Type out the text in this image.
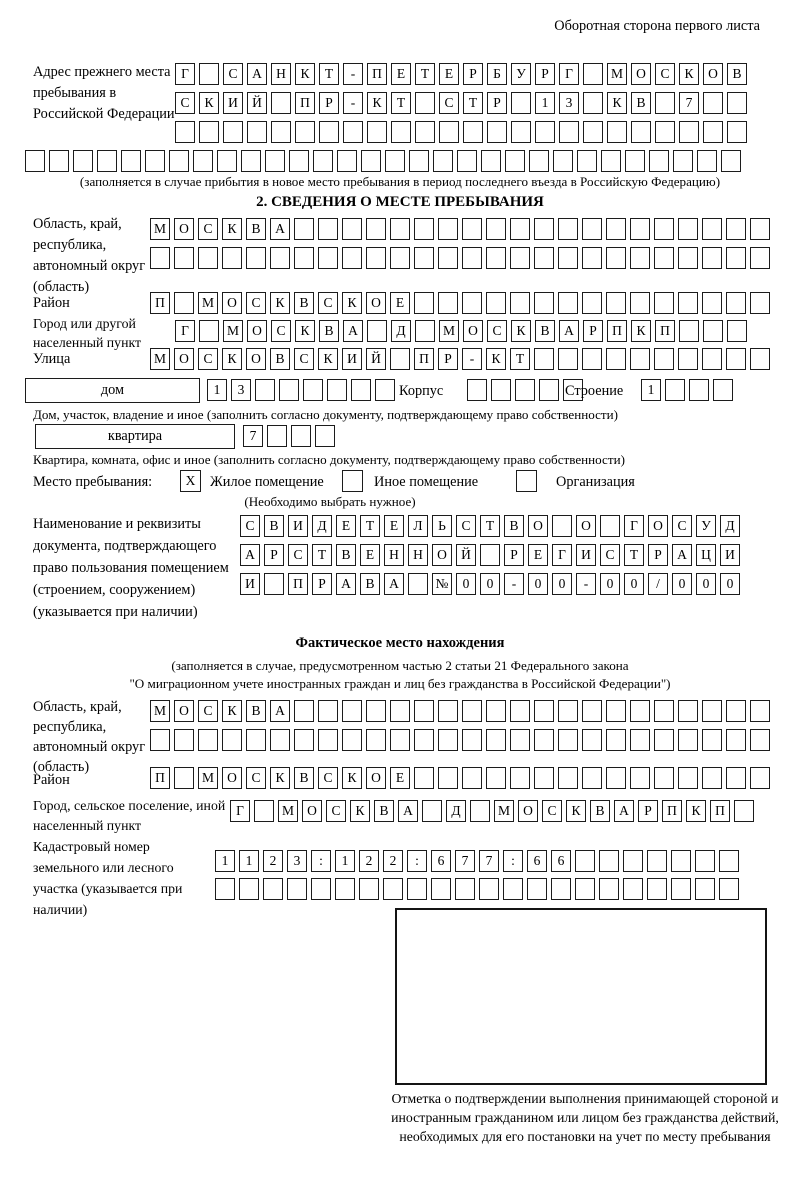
Оборотная сторона первого листа
Адрес прежнего места пребывания в Российской Федерации
Г	С	А	Н	К	Т	-	П	Е	Т	Е	Р	Б	У	Р	Г	М О	С	К	О	В
С	К	И	Й	П	Р	-	К	Т	С	Т	Р	1	3	К	В	7
(заполняется в случае прибытия в новое место пребывания в период последнего въезда в Российскую Федерацию)
2. СВЕДЕНИЯ О МЕСТЕ ПРЕБЫВАНИЯ
Область, край, республика, автономный округ (область)
М О	С	К	В	А
Район	П	М О	С	К	В	С	К	О	Е
Город или другой населенный пункт
Г	М О	С	К	В	А	Д	М О	С	К	В	А	Р	П	К	П
Улица	М О	С	К	О	В	С	К	И	Й	П	Р	-	К	Т
дом	1	3	Корпус	Строение	1
Дом, участок, владение и иное (заполнить согласно документу, подтверждающему право собственности)
квартира	7
Квартира, комната, офис и иное (заполнить согласно документу, подтверждающему право собственности)
Место пребывания:	X	Жилое помещение	Иное помещение	Организация
(Необходимо выбрать нужное)
Наименование и реквизиты документа, подтверждающего право пользования помещением (строением, сооружением) (указывается при наличии)
С	В	И	Д	Е	Т	Е	Л	Ь	С	Т	В	О	О	Г	О	С	У	Д
А	Р	С	Т	В	Е	Н	Н	О	Й	Р	Е	Г	И	С	Т	Р	А	Ц	И
И	П	Р	А	В	А	№	0	0	-	0	0	-	0	0	/	0	0	0
Фактическое место нахождения
(заполняется в случае, предусмотренном частью 2 статьи 21 Федерального закона
"О миграционном учете иностранных граждан и лиц без гражданства в Российской Федерации")
Область, край, республика, автономный округ (область)
М О	С	К	В	А
Район	П	М О	С	К	В	С	К	О	Е
Город, сельское поселение, иной населенный пункт
Г	М О	С	К	В	А	Д	М О	С	К	В	А	Р	П	К	П
Кадастровый номер земельного или лесного участка (указывается при наличии)
1	1	2	3	:	1	2	2	:	6	7	7	:	6	6
Отметка о подтверждении выполнения принимающей стороной и иностранным гражданином или лицом без гражданства действий, необходимых для его постановки на учет по месту пребывания
